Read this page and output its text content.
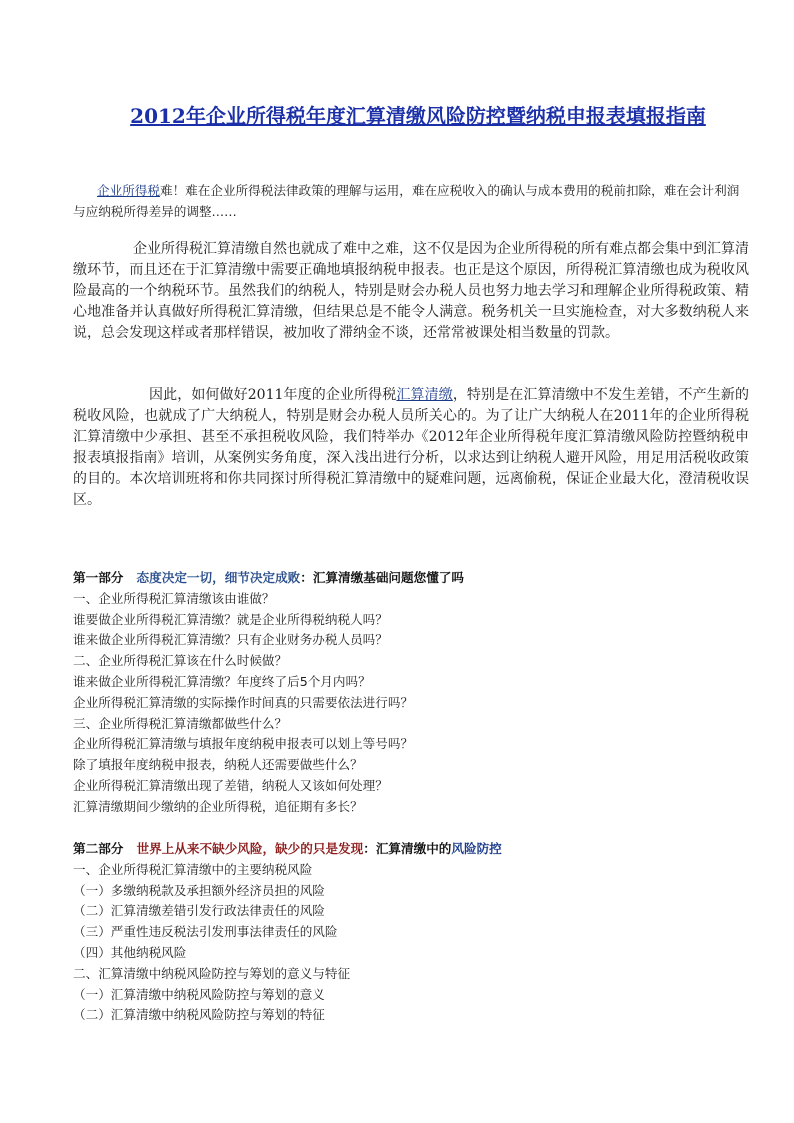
2012年企业所得税年度汇算清缴风险防控暨纳税申报表填报指南

企业所得税难！难在企业所得税法律政策的理解与运用，难在应税收入的确认与成本费用的税前扣除，难在会计利润与应纳税所得差异的调整……

企业所得税汇算清缴自然也就成了难中之难，这不仅是因为企业所得税的所有难点都会集中到汇算清缴环节，而且还在于汇算清缴中需要正确地填报纳税申报表。也正是这个原因，所得税汇算清缴也成为税收风险最高的一个纳税环节。虽然我们的纳税人，特别是财会办税人员也努力地去学习和理解企业所得税政策、精心地准备并认真做好所得税汇算清缴，但结果总是不能令人满意。税务机关一旦实施检查，对大多数纳税人来说，总会发现这样或者那样错误，被加收了滞纳金不谈，还常常被课处相当数量的罚款。

因此，如何做好2011年度的企业所得税汇算清缴，特别是在汇算清缴中不发生差错，不产生新的税收风险，也就成了广大纳税人，特别是财会办税人员所关心的。为了让广大纳税人在2011年的企业所得税汇算清缴中少承担、甚至不承担税收风险，我们特举办《2012年企业所得税年度汇算清缴风险防控暨纳税申报表填报指南》培训，从案例实务角度，深入浅出进行分析，以求达到让纳税人避开风险，用足用活税收政策的目的。本次培训班将和你共同探讨所得税汇算清缴中的疑难问题，远离偷税，保证企业最大化，澄清税收误区。

第一部分 态度决定一切，细节决定成败：汇算清缴基础问题您懂了吗
一、企业所得税汇算清缴该由谁做？
谁要做企业所得税汇算清缴？就是企业所得税纳税人吗？
谁来做企业所得税汇算清缴？只有企业财务办税人员吗？
二、企业所得税汇算该在什么时候做？
谁来做企业所得税汇算清缴？年度终了后5个月内吗？
企业所得税汇算清缴的实际操作时间真的只需要依法进行吗？
三、企业所得税汇算清缴都做些什么？
企业所得税汇算清缴与填报年度纳税申报表可以划上等号吗？
除了填报年度纳税申报表，纳税人还需要做些什么？
企业所得税汇算清缴出现了差错，纳税人又该如何处理？
汇算清缴期间少缴纳的企业所得税，追征期有多长？
第二部分 世界上从来不缺少风险，缺少的只是发现：汇算清缴中的风险防控
一、企业所得税汇算清缴中的主要纳税风险
（一）多缴纳税款及承担额外经济员担的风险
（二）汇算清缴差错引发行政法律责任的风险
（三）严重性违反税法引发刑事法律责任的风险
（四）其他纳税风险
二、汇算清缴中纳税风险防控与筹划的意义与特征
（一）汇算清缴中纳税风险防控与筹划的意义
（二）汇算清缴中纳税风险防控与筹划的特征
